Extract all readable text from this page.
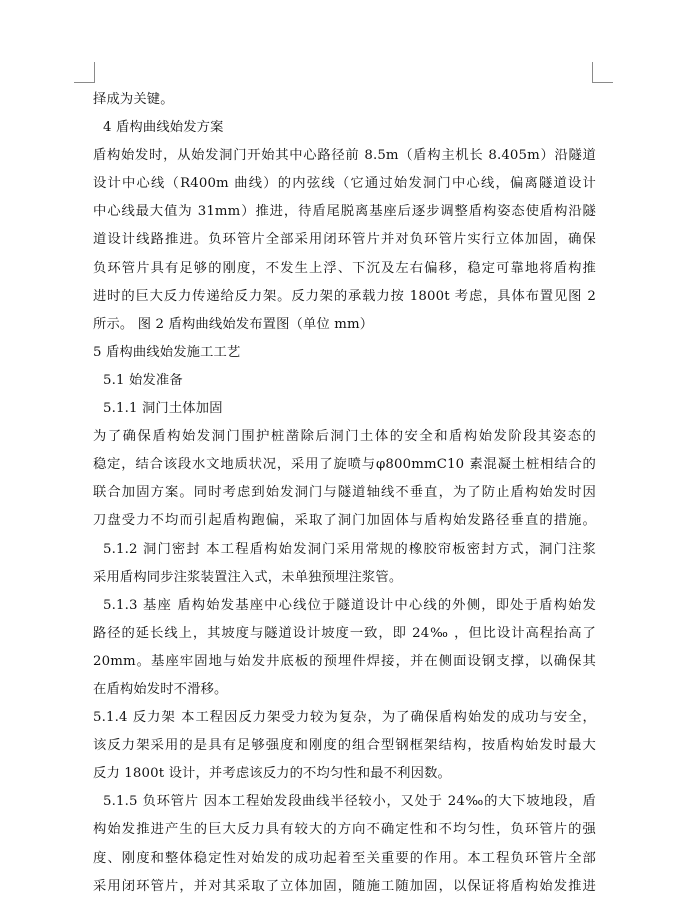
择成为关键。
4 盾构曲线始发方案
盾构始发时，从始发洞门开始其中心路径前 8.5m（盾构主机长 8.405m）沿隧道
设计中心线（R400m 曲线）的内弦线（它通过始发洞门中心线，偏离隧道设计
中心线最大值为 31mm）推进，待盾尾脱离基座后逐步调整盾构姿态使盾构沿隧
道设计线路推进。负环管片全部采用闭环管片并对负环管片实行立体加固，确保
负环管片具有足够的刚度，不发生上浮、下沉及左右偏移，稳定可靠地将盾构推
进时的巨大反力传递给反力架。反力架的承载力按 1800t 考虑，具体布置见图 2
所示。 图 2 盾构曲线始发布置图（单位 mm）
5 盾构曲线始发施工工艺
5.1 始发准备
5.1.1 洞门土体加固
为了确保盾构始发洞门围护桩凿除后洞门土体的安全和盾构始发阶段其姿态的
稳定，结合该段水文地质状况，采用了旋喷与φ800mmC10 素混凝土桩相结合的
联合加固方案。同时考虑到始发洞门与隧道轴线不垂直，为了防止盾构始发时因
刀盘受力不均而引起盾构跑偏，采取了洞门加固体与盾构始发路径垂直的措施。
5.1.2 洞门密封 本工程盾构始发洞门采用常规的橡胶帘板密封方式，洞门注浆
采用盾构同步注浆装置注入式，未单独预埋注浆管。
5.1.3 基座 盾构始发基座中心线位于隧道设计中心线的外侧，即处于盾构始发
路径的延长线上，其坡度与隧道设计坡度一致，即 24‰ ，但比设计高程抬高了
20mm。基座牢固地与始发井底板的预埋件焊接，并在侧面设钢支撑，以确保其
在盾构始发时不滑移。
5.1.4 反力架 本工程因反力架受力较为复杂，为了确保盾构始发的成功与安全，
该反力架采用的是具有足够强度和刚度的组合型钢框架结构，按盾构始发时最大
反力 1800t 设计，并考虑该反力的不均匀性和最不利因数。
5.1.5 负环管片 因本工程始发段曲线半径较小，又处于 24‰的大下坡地段，盾
构始发推进产生的巨大反力具有较大的方向不确定性和不均匀性，负环管片的强
度、刚度和整体稳定性对始发的成功起着至关重要的作用。本工程负环管片全部
采用闭环管片，并对其采取了立体加固，随施工随加固，以保证将盾构始发推进
